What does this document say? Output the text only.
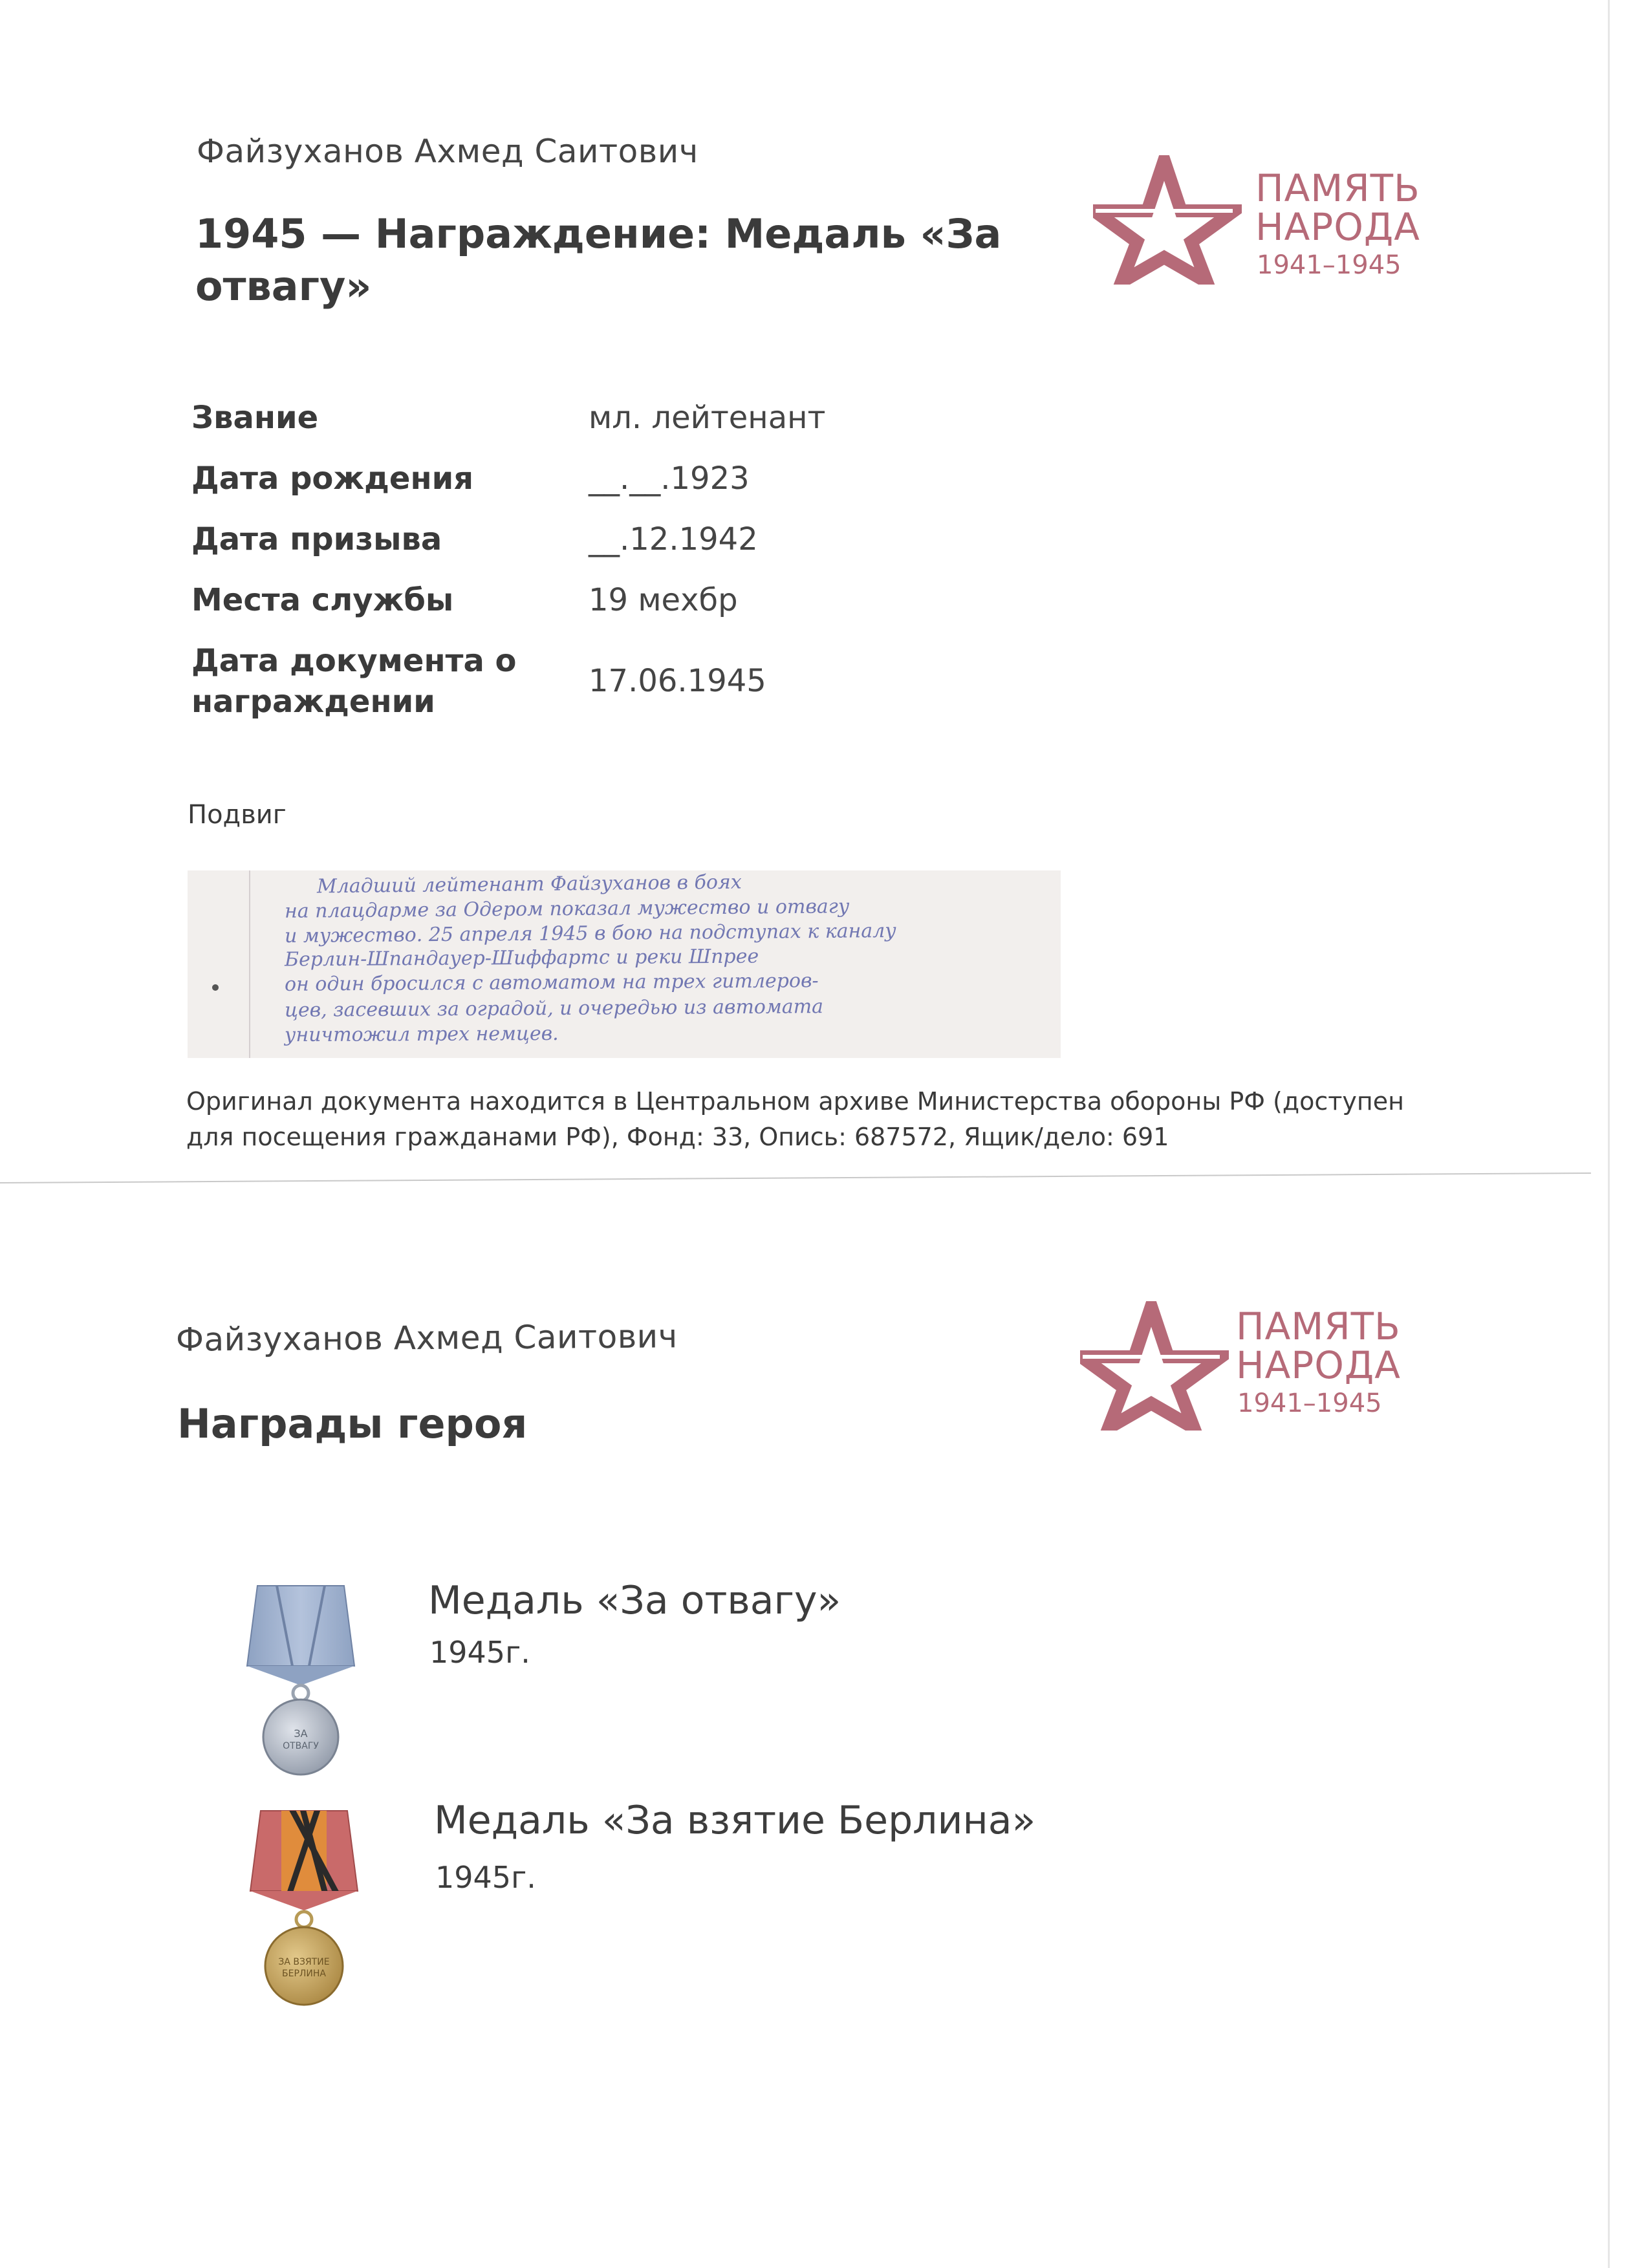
Файзуханов Ахмед Саитович
1945 — Награждение: Медаль «За отвагу»
ПАМЯТЬ
НАРОДА
1941–1945
Звание	мл. лейтенант
Дата рождения	__.__.1923
Дата призыва	__.12.1942
Места службы	19 мехбр
Дата документа о награждении	17.06.1945
Подвиг
Младший лейтенант Файзуханов в боях
на плацдарме за Одером показал мужество и отвагу
и мужество. 25 апреля 1945 в бою на подступах к каналу
Берлин-Шпандауер-Шиффартс и реки Шпрее
он один бросился с автоматом на трех гитлеров-
цев, засевших за оградой, и очередью из автомата
уничтожил трех немцев.
Оригинал документа находится в Центральном архиве Министерства обороны РФ (доступен для посещения гражданами РФ), Фонд: 33, Опись: 687572, Ящик/дело: 691
Файзуханов Ахмед Саитович
Награды героя
ПАМЯТЬ
НАРОДА
1941–1945
ЗА
ОТВАГУ
Медаль «За отвагу»
1945г.
ЗА ВЗЯТИЕ
БЕРЛИНА
Медаль «За взятие Берлина»
1945г.
